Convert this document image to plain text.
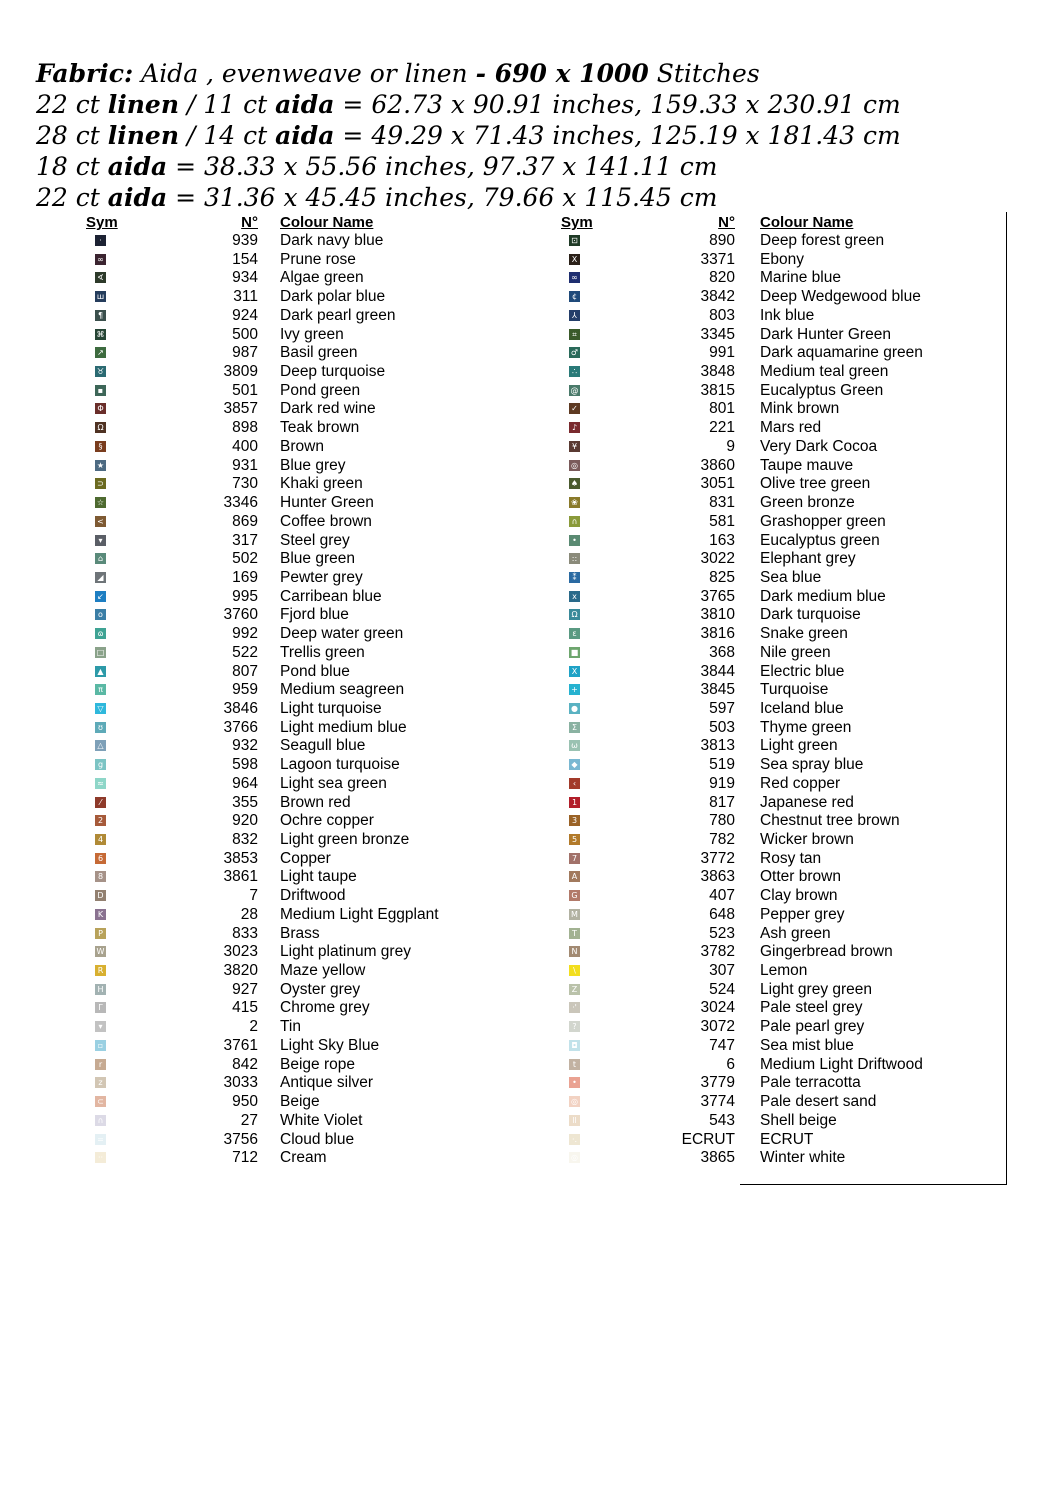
Fabric: Aida , evenweave or linen - 690 x 1000 Stitches
22 ct linen / 11 ct aida = 62.73 x 90.91 inches, 159.33 x 230.91 cm
28 ct linen / 14 ct aida = 49.29 x 71.43 inches, 125.19 x 181.43 cm
18 ct aida = 38.33 x 55.56 inches, 97.37 x 141.11 cm
22 ct aida = 31.36 x 45.45 inches, 79.66 x 115.45 cm
Sym	N° Colour Name
·	939 Dark navy blue
∞	154 Prune rose
∢	934 Algae green
ш	311 Dark polar blue
¶	924 Dark pearl green
⌘	500 Ivy green
↗	987 Basil green
♉	3809 Deep turquoise
▪	501 Pond green
Φ	3857 Dark red wine
Ω	898 Teak brown
§	400 Brown
★	931 Blue grey
⊃	730 Khaki green
☆	3346 Hunter Green
<	869 Coffee brown
▾	317 Steel grey
⌂	502 Blue green
◢	169 Pewter grey
↙	995 Carribean blue
o	3760 Fjord blue
ɷ	992 Deep water green
□	522 Trellis green
▲	807 Pond blue
π	959 Medium seagreen
▽	3846 Light turquoise
ʊ	3766 Light medium blue
△	932 Seagull blue
g	598 Lagoon turquoise
≈	964 Light sea green
⁄	355 Brown red
2	920 Ochre copper
4	832 Light green bronze
6	3853 Copper
8	3861 Light taupe
D	7 Driftwood
K	28 Medium Light Eggplant
P	833 Brass
W	3023 Light platinum grey
R	3820 Maze yellow
H	927 Oyster grey
Γ	415 Chrome grey
▾	2 Tin
▫	3761 Light Sky Blue
r	842 Beige rope
z	3033 Antique silver
⊂	950 Beige
∩	27 White Violet
=	3756 Cloud blue
··	712 Cream
Sym	N° Colour Name
⊡	890 Deep forest green
X	3371 Ebony
∞	820 Marine blue
¢	3842 Deep Wedgewood blue
⅄	803 Ink blue
⌗	3345 Dark Hunter Green
♂	991 Dark aquamarine green
∴	3848 Medium teal green
@	3815 Eucalyptus Green
✓	801 Mink brown
♪	221 Mars red
¥	9 Very Dark Cocoa
◎	3860 Taupe mauve
♠	3051 Olive tree green
❀	831 Green bronze
∩	581 Grashopper green
•	163 Eucalyptus green
::	3022 Elephant grey
⁑	825 Sea blue
x	3765 Dark medium blue
Ω	3810 Dark turquoise
ε	3816 Snake green
■	368 Nile green
X	3844 Electric blue
+	3845 Turquoise
●	597 Iceland blue
Σ	503 Thyme green
ω	3813 Light green
◆	519 Sea spray blue
‹	919 Red copper
1	817 Japanese red
3	780 Chestnut tree brown
5	782 Wicker brown
7	3772 Rosy tan
A	3863 Otter brown
G	407 Clay brown
M	648 Pepper grey
T	523 Ash green
N	3782 Gingerbread brown
\	307 Lemon
Z	524 Light grey green
·'	3024 Pale steel grey
?	3072 Pale pearl grey
◘	747 Sea mist blue
t	6 Medium Light Driftwood
•	3779 Pale terracotta
◎	3774 Pale desert sand
ll	543 Shell beige
·.	ECRUT ECRUT
◎	3865 Winter white
